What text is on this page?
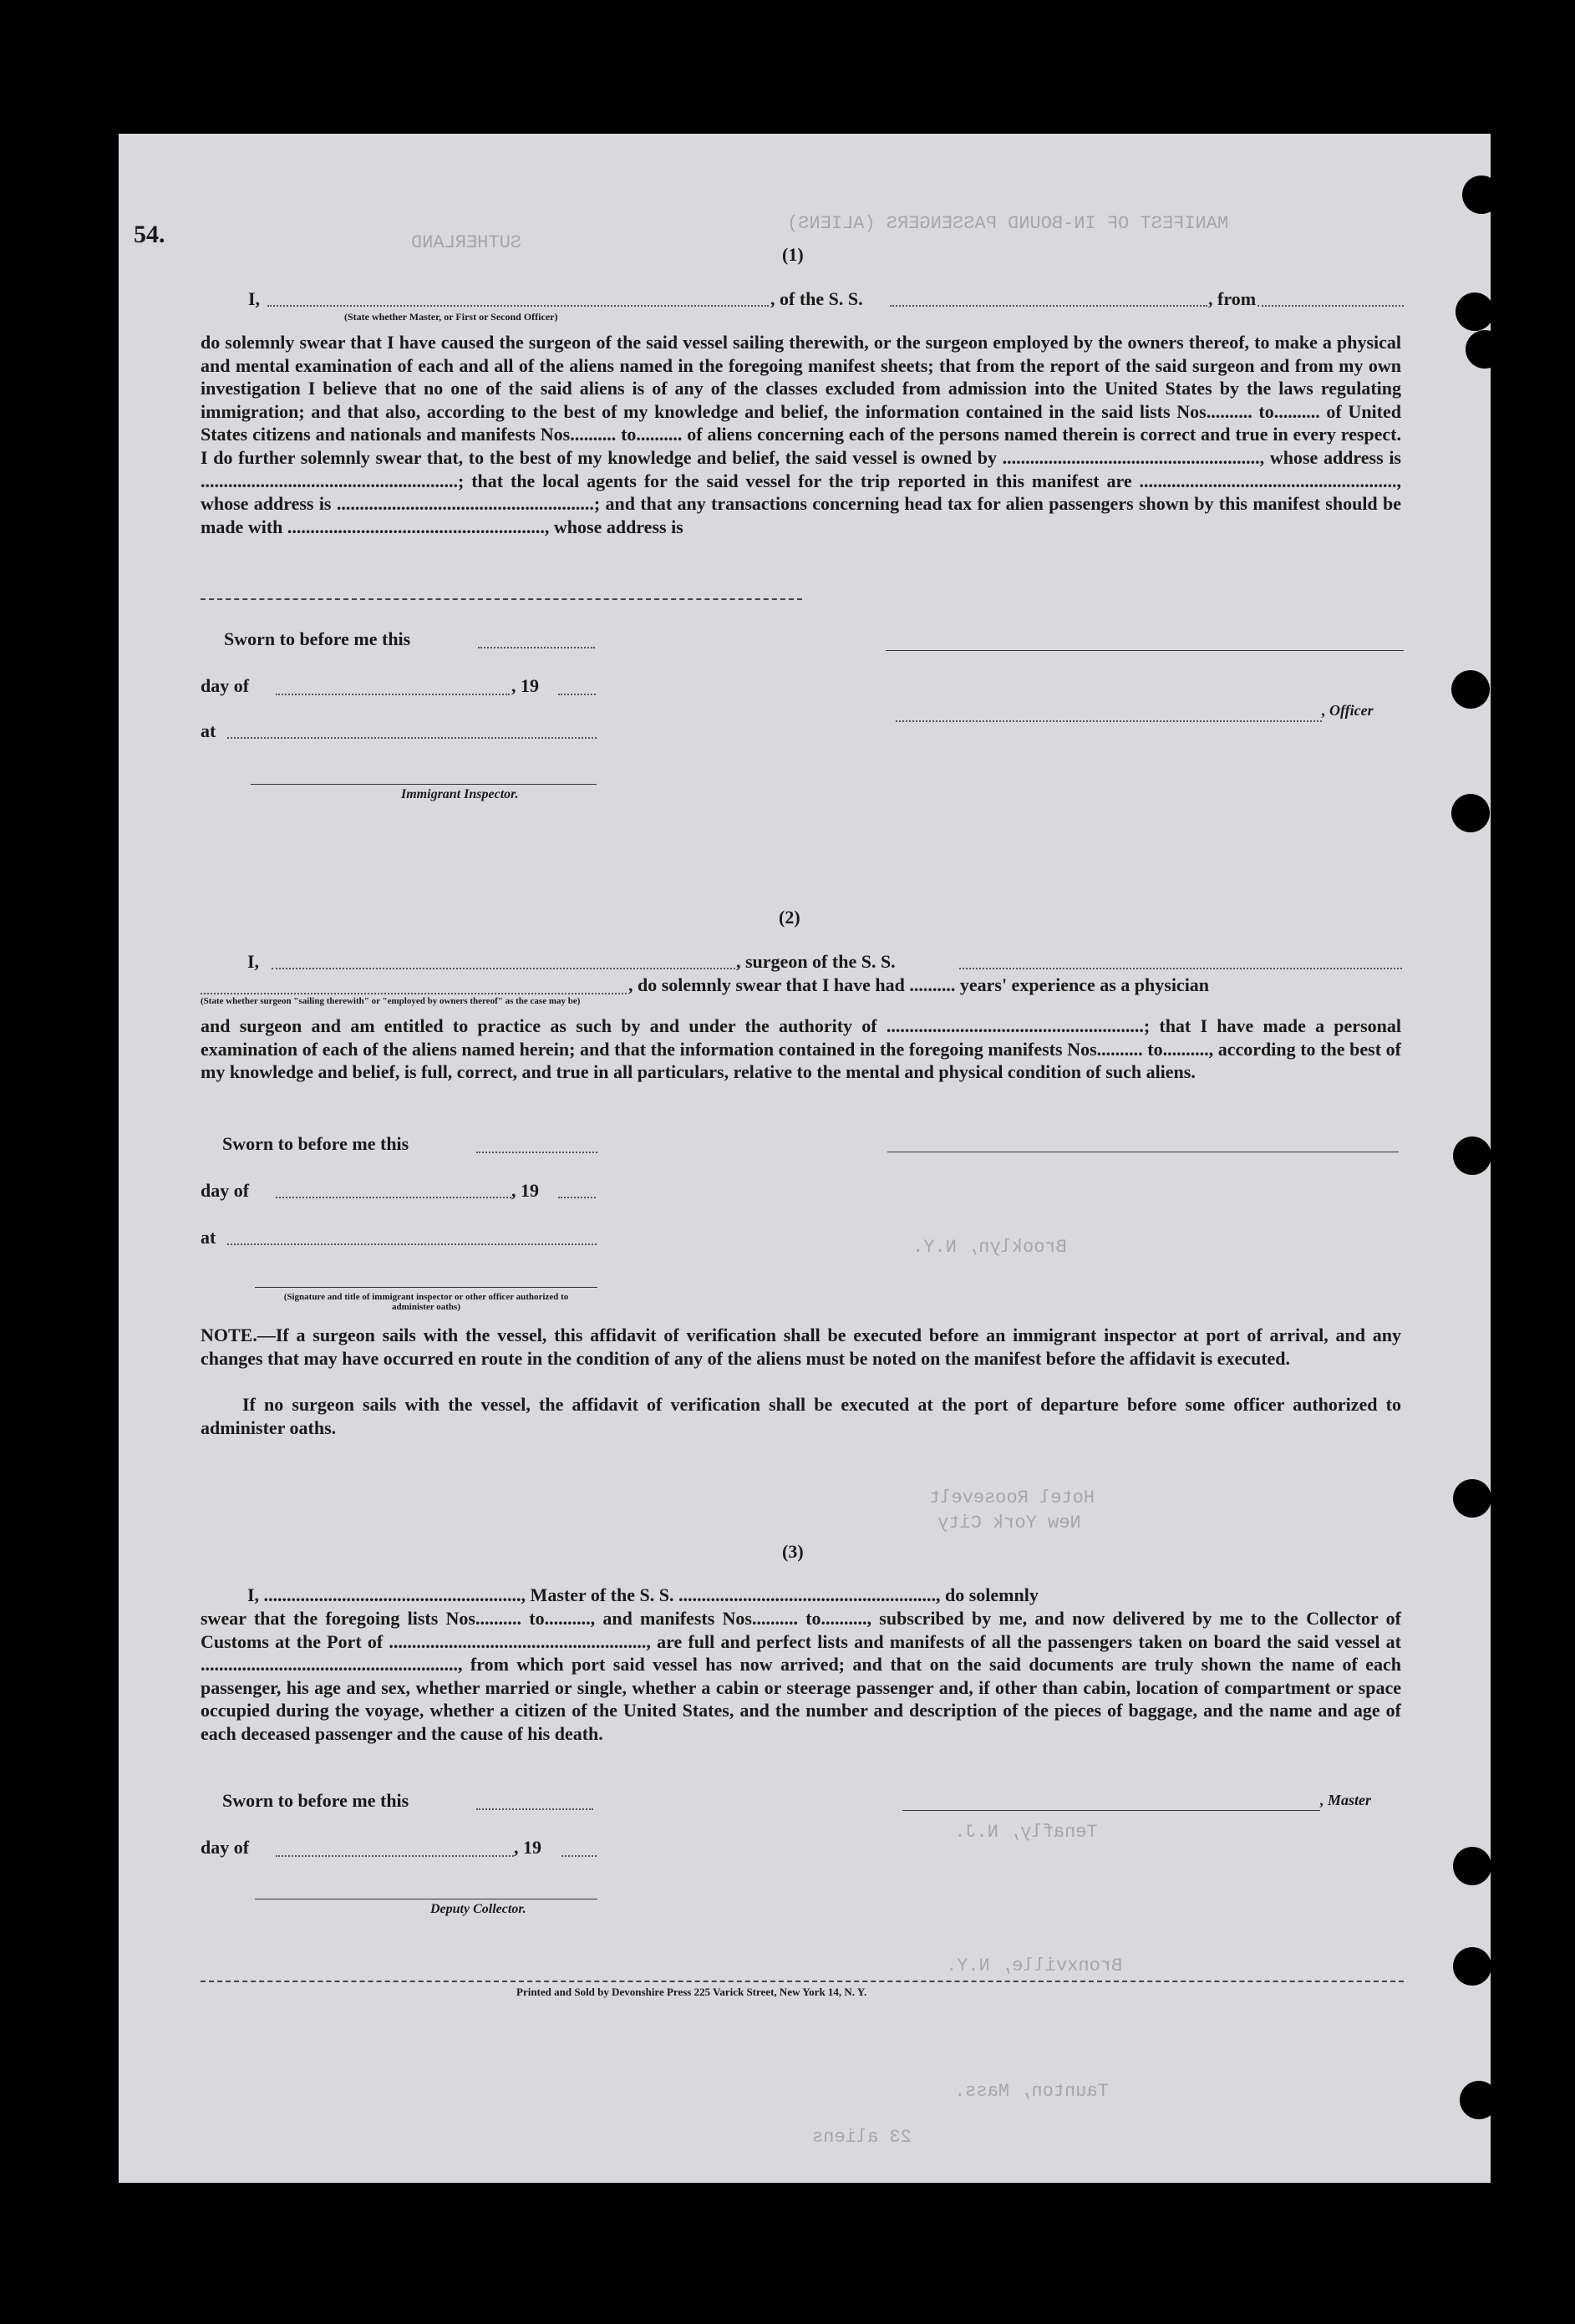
MANIFEST OF IN-BOUND PASSENGERS (ALIENS)
SUTHERLAND
Brooklyn, N.Y.
Hotel Roosevelt
New York City
Tenafly, N.J.
Bronxville, N.Y.
Taunton, Mass.
23 aliens
54.
(1)
I,	, of the S. S.	, from
(State whether Master, or First or Second Officer)
do solemnly swear that I have caused the surgeon of the said vessel sailing therewith, or the surgeon employed by the owners thereof, to make a physical and mental examination of each and all of the aliens named in the foregoing manifest sheets; that from the report of the said surgeon and from my own investigation I believe that no one of the said aliens is of any of the classes excluded from admission into the United States by the laws regulating immigration; and that also, according to the best of my knowledge and belief, the information contained in the said lists Nos.......... to.......... of United States citizens and nationals and manifests Nos.......... to.......... of aliens concerning each of the persons named therein is correct and true in every respect. I do further solemnly swear that, to the best of my knowledge and belief, the said vessel is owned by ........................................................, whose address is ........................................................; that the local agents for the said vessel for the trip reported in this manifest are ........................................................, whose address is ........................................................; and that any transactions concerning head tax for alien passengers shown by this manifest should be made with ........................................................, whose address is
Sworn to before me this
day of	, 19
at
, Officer
Immigrant Inspector.
(2)
I,	, surgeon of the S. S.
, do solemnly swear that I have had .......... years' experience as a physician
(State whether surgeon "sailing therewith" or "employed by owners thereof" as the case may be)
and surgeon and am entitled to practice as such by and under the authority of ........................................................; that I have made a personal examination of each of the aliens named herein; and that the information contained in the foregoing manifests Nos.......... to.........., according to the best of my knowledge and belief, is full, correct, and true in all particulars, relative to the mental and physical condition of such aliens.
Sworn to before me this
day of	, 19
at
(Signature and title of immigrant inspector or other officer authorized to administer oaths)
NOTE.—If a surgeon sails with the vessel, this affidavit of verification shall be executed before an immigrant inspector at port of arrival, and any changes that may have occurred en route in the condition of any of the aliens must be noted on the manifest before the affidavit is executed.
If no surgeon sails with the vessel, the affidavit of verification shall be executed at the port of departure before some officer authorized to administer oaths.
(3)
I, ........................................................, Master of the S. S. ........................................................, do solemnly
swear that the foregoing lists Nos.......... to.........., and manifests Nos.......... to.........., subscribed by me, and now delivered by me to the Collector of Customs at the Port of ........................................................, are full and perfect lists and manifests of all the passengers taken on board the said vessel at ........................................................, from which port said vessel has now arrived; and that on the said documents are truly shown the name of each passenger, his age and sex, whether married or single, whether a cabin or steerage passenger and, if other than cabin, location of compartment or space occupied during the voyage, whether a citizen of the United States, and the number and description of the pieces of baggage, and the name and age of each deceased passenger and the cause of his death.
Sworn to before me this	, Master
day of	, 19
Deputy Collector.
Printed and Sold by Devonshire Press 225 Varick Street, New York 14, N. Y.
